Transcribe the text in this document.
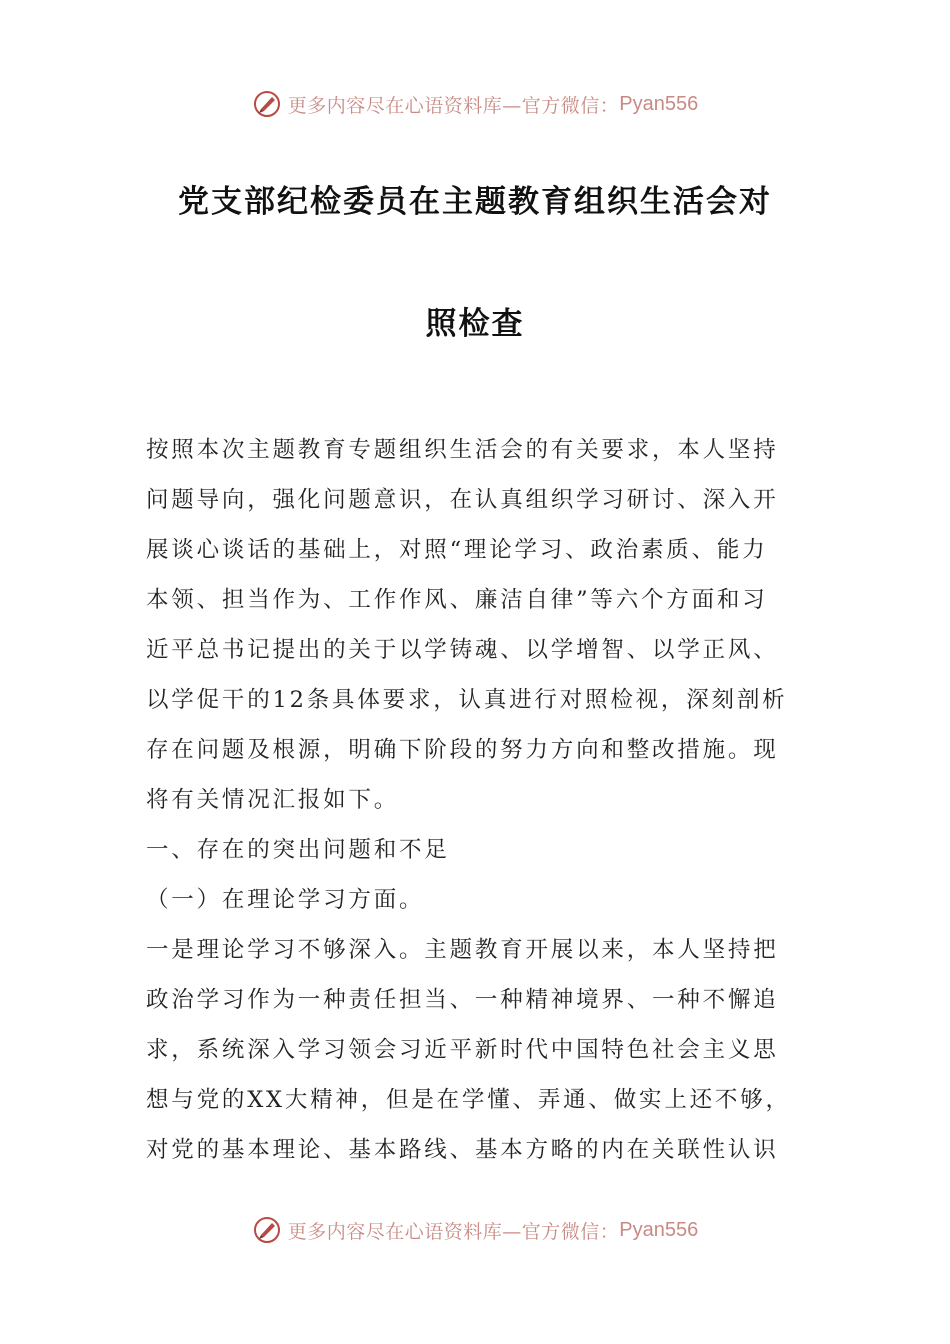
更多内容尽在心语资料库—官方微信： Pyan556
党支部纪检委员在主题教育组织生活会对
照检查
按照本次主题教育专题组织生活会的有关要求，本人坚持
问题导向，强化问题意识，在认真组织学习研讨、深入开
展谈心谈话的基础上，对照“理论学习、政治素质、能力
本领、担当作为、工作作风、廉洁自律”等六个方面和习
近平总书记提出的关于以学铸魂、以学增智、以学正风、
以学促干的12条具体要求，认真进行对照检视，深刻剖析
存在问题及根源，明确下阶段的努力方向和整改措施。现
将有关情况汇报如下。
一、存在的突出问题和不足
（一）在理论学习方面。
一是理论学习不够深入。主题教育开展以来，本人坚持把
政治学习作为一种责任担当、一种精神境界、一种不懈追
求，系统深入学习领会习近平新时代中国特色社会主义思
想与党的XX大精神，但是在学懂、弄通、做实上还不够，
对党的基本理论、基本路线、基本方略的内在关联性认识
更多内容尽在心语资料库—官方微信： Pyan556
